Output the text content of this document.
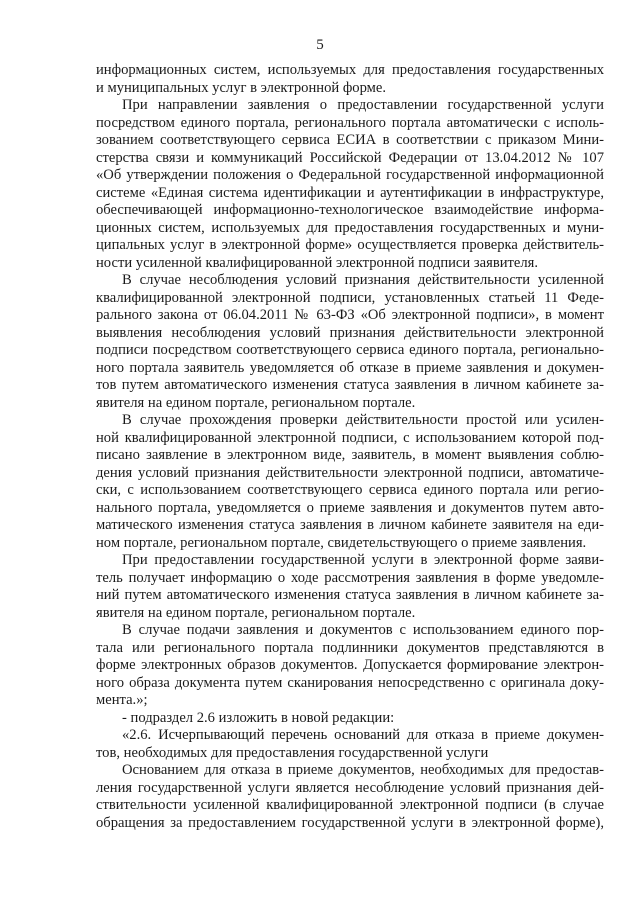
5
информационных систем, используемых для предоставления государственных
и муниципальных услуг в электронной форме.
При направлении заявления о предоставлении государственной услуги
посредством единого портала, регионального портала автоматически с исполь-
зованием соответствующего сервиса ЕСИА в соответствии с приказом Мини-
стерства связи и коммуникаций Российской Федерации от 13.04.2012 № 107
«Об утверждении положения о Федеральной государственной информационной
системе «Единая система идентификации и аутентификации в инфраструктуре,
обеспечивающей информационно-технологическое взаимодействие информа-
ционных систем, используемых для предоставления государственных и муни-
ципальных услуг в электронной форме» осуществляется проверка действитель-
ности усиленной квалифицированной электронной подписи заявителя.
В случае несоблюдения условий признания действительности усиленной
квалифицированной электронной подписи, установленных статьей 11 Феде-
рального закона от 06.04.2011 № 63-ФЗ «Об электронной подписи», в момент
выявления несоблюдения условий признания действительности электронной
подписи посредством соответствующего сервиса единого портала, регионально-
ного портала заявитель уведомляется об отказе в приеме заявления и докумен-
тов путем автоматического изменения статуса заявления в личном кабинете за-
явителя на едином портале, региональном портале.
В случае прохождения проверки действительности простой или усилен-
ной квалифицированной электронной подписи, с использованием которой под-
писано заявление в электронном виде, заявитель, в момент выявления соблю-
дения условий признания действительности электронной подписи, автоматиче-
ски, с использованием соответствующего сервиса единого портала или регио-
нального портала, уведомляется о приеме заявления и документов путем авто-
матического изменения статуса заявления в личном кабинете заявителя на еди-
ном портале, региональном портале, свидетельствующего о приеме заявления.
При предоставлении государственной услуги в электронной форме заяви-
тель получает информацию о ходе рассмотрения заявления в форме уведомле-
ний путем автоматического изменения статуса заявления в личном кабинете за-
явителя на едином портале, региональном портале.
В случае подачи заявления и документов с использованием единого пор-
тала или регионального портала подлинники документов представляются в
форме электронных образов документов. Допускается формирование электрон-
ного образа документа путем сканирования непосредственно с оригинала доку-
мента.»;
- подраздел 2.6 изложить в новой редакции:
«2.6. Исчерпывающий перечень оснований для отказа в приеме докумен-
тов, необходимых для предоставления государственной услуги
Основанием для отказа в приеме документов, необходимых для предостав-
ления государственной услуги является несоблюдение условий признания дей-
ствительности усиленной квалифицированной электронной подписи (в случае
обращения за предоставлением государственной услуги в электронной форме),
